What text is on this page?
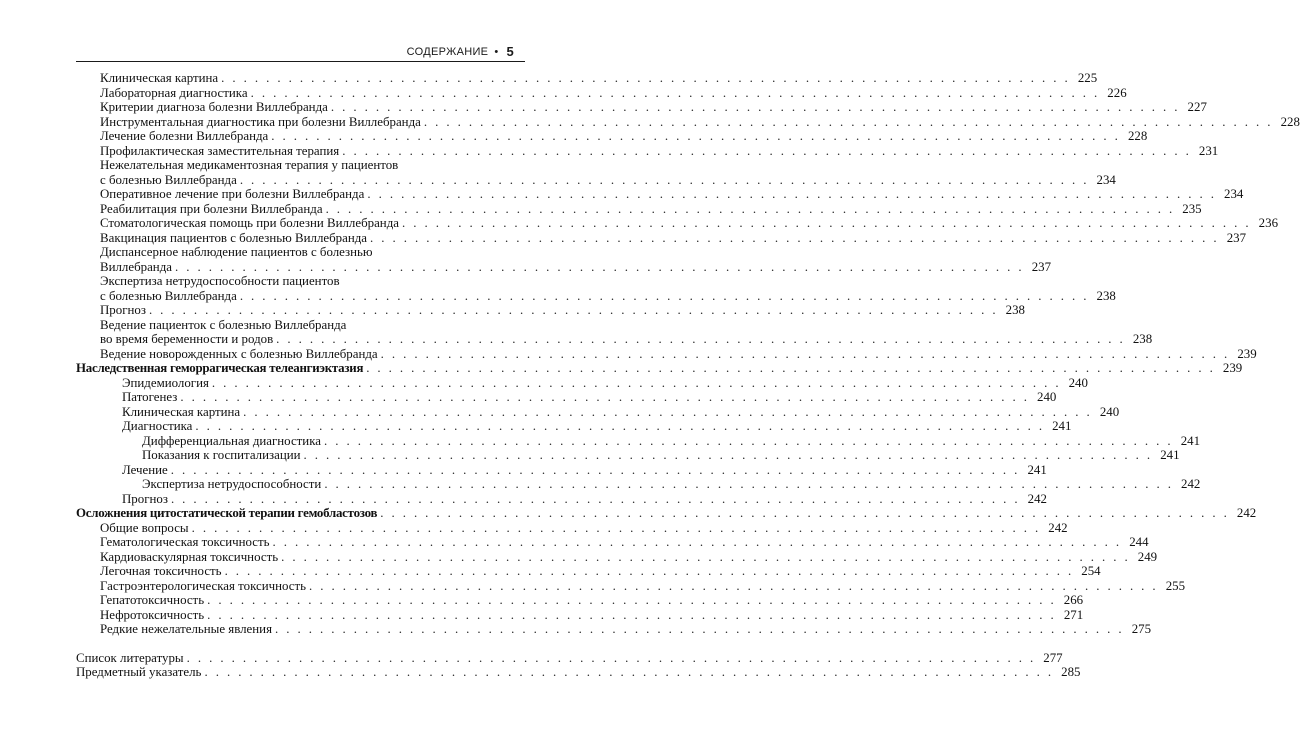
СОДЕРЖАНИЕ • 5
Клиническая картина . . . . . . . . . . . . . . . . . . . . . . . . . . . . . . . . . . . . . . . . . . . . . . . . . . . . . . . . . . . . . . . . . . . . . . . . . . . . 225
Лабораторная диагностика . . . . . . . . . . . . . . . . . . . . . . . . . . . . . . . . . . . . . . . . . . . . . . . . . . . . . . . . . . . . . . . . . . . . . . . . . . . . 226
Критерии диагноза болезни Виллебранда . . . . . . . . . . . . . . . . . . . . . . . . . . . . . . . . . . . . . . . . . . . . . . . . . . . . . . . . . . . . . . . . . . . . . . . . . . . . 227
Инструментальная диагностика при болезни Виллебранда . . . . . . . . . . . . . . . . . . . . . . . . . . . . . . . . . . . . . . . . . . . . . . . . . . . . . . . . . . . . . . . . . . . . . . . . . . . . 228
Лечение болезни Виллебранда . . . . . . . . . . . . . . . . . . . . . . . . . . . . . . . . . . . . . . . . . . . . . . . . . . . . . . . . . . . . . . . . . . . . . . . . . . . . 228
Профилактическая заместительная терапия . . . . . . . . . . . . . . . . . . . . . . . . . . . . . . . . . . . . . . . . . . . . . . . . . . . . . . . . . . . . . . . . . . . . . . . . . . . . 231
Нежелательная медикаментозная терапия у пациентов
с болезнью Виллебранда . . . . . . . . . . . . . . . . . . . . . . . . . . . . . . . . . . . . . . . . . . . . . . . . . . . . . . . . . . . . . . . . . . . . . . . . . . . . 234
Оперативное лечение при болезни Виллебранда . . . . . . . . . . . . . . . . . . . . . . . . . . . . . . . . . . . . . . . . . . . . . . . . . . . . . . . . . . . . . . . . . . . . . . . . . . . . 234
Реабилитация при болезни Виллебранда . . . . . . . . . . . . . . . . . . . . . . . . . . . . . . . . . . . . . . . . . . . . . . . . . . . . . . . . . . . . . . . . . . . . . . . . . . . . 235
Стоматологическая помощь при болезни Виллебранда . . . . . . . . . . . . . . . . . . . . . . . . . . . . . . . . . . . . . . . . . . . . . . . . . . . . . . . . . . . . . . . . . . . . . . . . . . . . 236
Вакцинация пациентов с болезнью Виллебранда . . . . . . . . . . . . . . . . . . . . . . . . . . . . . . . . . . . . . . . . . . . . . . . . . . . . . . . . . . . . . . . . . . . . . . . . . . . . 237
Диспансерное наблюдение пациентов с болезнью
Виллебранда . . . . . . . . . . . . . . . . . . . . . . . . . . . . . . . . . . . . . . . . . . . . . . . . . . . . . . . . . . . . . . . . . . . . . . . . . . . . 237
Экспертиза нетрудоспособности пациентов
с болезнью Виллебранда . . . . . . . . . . . . . . . . . . . . . . . . . . . . . . . . . . . . . . . . . . . . . . . . . . . . . . . . . . . . . . . . . . . . . . . . . . . . 238
Прогноз . . . . . . . . . . . . . . . . . . . . . . . . . . . . . . . . . . . . . . . . . . . . . . . . . . . . . . . . . . . . . . . . . . . . . . . . . . . . 238
Ведение пациенток с болезнью Виллебранда
во время беременности и родов . . . . . . . . . . . . . . . . . . . . . . . . . . . . . . . . . . . . . . . . . . . . . . . . . . . . . . . . . . . . . . . . . . . . . . . . . . . . 238
Ведение новорожденных с болезнью Виллебранда . . . . . . . . . . . . . . . . . . . . . . . . . . . . . . . . . . . . . . . . . . . . . . . . . . . . . . . . . . . . . . . . . . . . . . . . . . . . 239
Наследственная геморрагическая телеангиэктазия . . . . . . . . . . . . . . . . . . . . . . . . . . . . . . . . . . . . . . . . . . . . . . . . . . . . . . . . . . . . . . . . . . . . . . . . . . . . 239
Эпидемиология . . . . . . . . . . . . . . . . . . . . . . . . . . . . . . . . . . . . . . . . . . . . . . . . . . . . . . . . . . . . . . . . . . . . . . . . . . . . 240
Патогенез . . . . . . . . . . . . . . . . . . . . . . . . . . . . . . . . . . . . . . . . . . . . . . . . . . . . . . . . . . . . . . . . . . . . . . . . . . . . 240
Клиническая картина . . . . . . . . . . . . . . . . . . . . . . . . . . . . . . . . . . . . . . . . . . . . . . . . . . . . . . . . . . . . . . . . . . . . . . . . . . . . 240
Диагностика . . . . . . . . . . . . . . . . . . . . . . . . . . . . . . . . . . . . . . . . . . . . . . . . . . . . . . . . . . . . . . . . . . . . . . . . . . . . 241
Дифференциальная диагностика . . . . . . . . . . . . . . . . . . . . . . . . . . . . . . . . . . . . . . . . . . . . . . . . . . . . . . . . . . . . . . . . . . . . . . . . . . . . 241
Показания к госпитализации . . . . . . . . . . . . . . . . . . . . . . . . . . . . . . . . . . . . . . . . . . . . . . . . . . . . . . . . . . . . . . . . . . . . . . . . . . . . 241
Лечение . . . . . . . . . . . . . . . . . . . . . . . . . . . . . . . . . . . . . . . . . . . . . . . . . . . . . . . . . . . . . . . . . . . . . . . . . . . . 241
Экспертиза нетрудоспособности . . . . . . . . . . . . . . . . . . . . . . . . . . . . . . . . . . . . . . . . . . . . . . . . . . . . . . . . . . . . . . . . . . . . . . . . . . . . 242
Прогноз . . . . . . . . . . . . . . . . . . . . . . . . . . . . . . . . . . . . . . . . . . . . . . . . . . . . . . . . . . . . . . . . . . . . . . . . . . . . 242
Осложнения цитостатической терапии гемобластозов . . . . . . . . . . . . . . . . . . . . . . . . . . . . . . . . . . . . . . . . . . . . . . . . . . . . . . . . . . . . . . . . . . . . . . . . . . . . 242
Общие вопросы . . . . . . . . . . . . . . . . . . . . . . . . . . . . . . . . . . . . . . . . . . . . . . . . . . . . . . . . . . . . . . . . . . . . . . . . . . . . 242
Гематологическая токсичность . . . . . . . . . . . . . . . . . . . . . . . . . . . . . . . . . . . . . . . . . . . . . . . . . . . . . . . . . . . . . . . . . . . . . . . . . . . . 244
Кардиоваскулярная токсичность . . . . . . . . . . . . . . . . . . . . . . . . . . . . . . . . . . . . . . . . . . . . . . . . . . . . . . . . . . . . . . . . . . . . . . . . . . . . 249
Легочная токсичность . . . . . . . . . . . . . . . . . . . . . . . . . . . . . . . . . . . . . . . . . . . . . . . . . . . . . . . . . . . . . . . . . . . . . . . . . . . . 254
Гастроэнтерологическая токсичность . . . . . . . . . . . . . . . . . . . . . . . . . . . . . . . . . . . . . . . . . . . . . . . . . . . . . . . . . . . . . . . . . . . . . . . . . . . . 255
Гепатотоксичность . . . . . . . . . . . . . . . . . . . . . . . . . . . . . . . . . . . . . . . . . . . . . . . . . . . . . . . . . . . . . . . . . . . . . . . . . . . . 266
Нефротоксичность . . . . . . . . . . . . . . . . . . . . . . . . . . . . . . . . . . . . . . . . . . . . . . . . . . . . . . . . . . . . . . . . . . . . . . . . . . . . 271
Редкие нежелательные явления . . . . . . . . . . . . . . . . . . . . . . . . . . . . . . . . . . . . . . . . . . . . . . . . . . . . . . . . . . . . . . . . . . . . . . . . . . . . 275
Список литературы . . . . . . . . . . . . . . . . . . . . . . . . . . . . . . . . . . . . . . . . . . . . . . . . . . . . . . . . . . . . . . . . . . . . . . . . . . . . 277
Предметный указатель . . . . . . . . . . . . . . . . . . . . . . . . . . . . . . . . . . . . . . . . . . . . . . . . . . . . . . . . . . . . . . . . . . . . . . . . . . . . 285
